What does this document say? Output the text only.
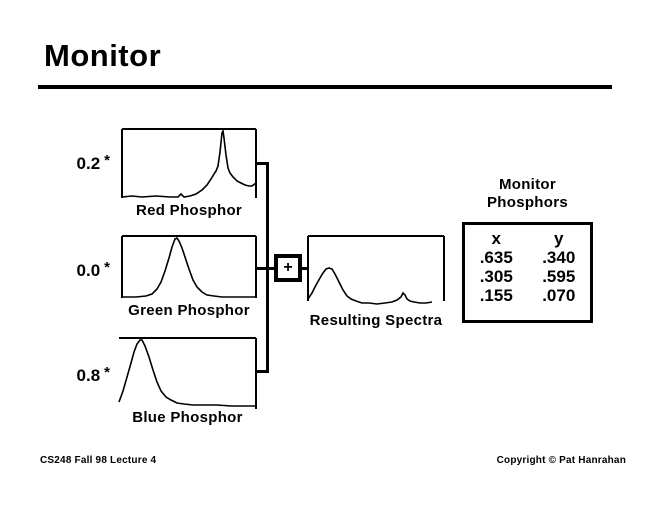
Monitor
0.2 *
0.0 *
0.8 *
Red Phosphor
Green Phosphor
Blue Phosphor
+
Resulting Spectra
Monitor
Phosphors
x	y
.635	.340
.305	.595
.155	.070
CS248 Fall 98 Lecture 4	Copyright © Pat Hanrahan
